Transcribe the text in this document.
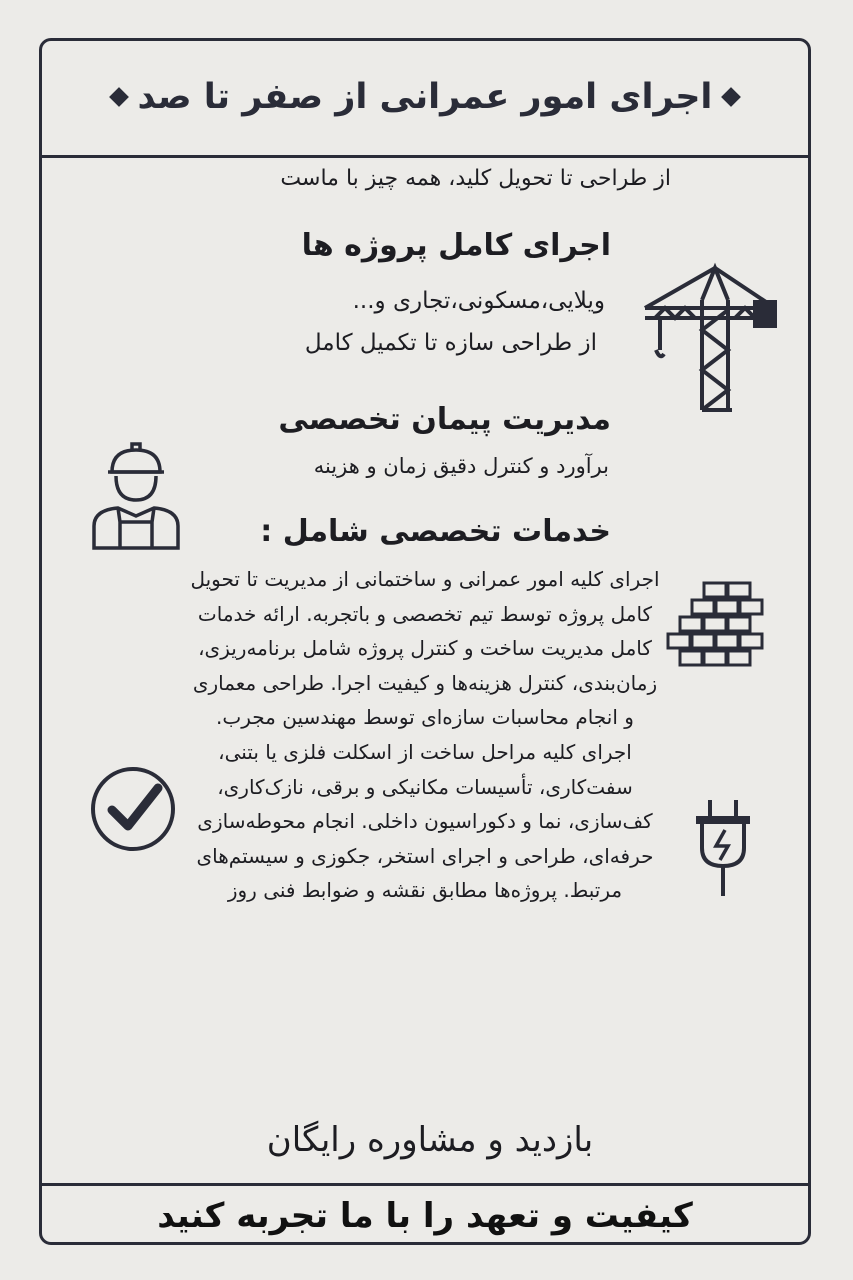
اجرای امور عمرانی از صفر تا صد
از طراحی تا تحویل کلید، همه چیز با ماست
اجرای کامل پروژه ها
ویلایی،مسکونی،تجاری و...
از طراحی سازه تا تکمیل کامل
مدیریت پیمان تخصصی
برآورد و کنترل دقیق زمان و هزینه
خدمات تخصصی شامل :
اجرای کلیه امور عمرانی و ساختمانی از مدیریت تا تحویل کامل پروژه توسط تیم تخصصی و باتجربه. ارائه خدمات کامل مدیریت ساخت و کنترل پروژه شامل برنامه‌ریزی، زمان‌بندی، کنترل هزینه‌ها و کیفیت اجرا. طراحی معماری و انجام محاسبات سازه‌ای توسط مهندسین مجرب. اجرای کلیه مراحل ساخت از اسکلت فلزی یا بتنی، سفت‌کاری، تأسیسات مکانیکی و برقی، نازک‌کاری، کف‌سازی، نما و دکوراسیون داخلی. انجام محوطه‌سازی حرفه‌ای، طراحی و اجرای استخر، جکوزی و سیستم‌های مرتبط. پروژه‌ها مطابق نقشه و ضوابط فنی روز
بازدید و مشاوره رایگان
کیفیت و تعهد را با ما تجربه کنید
